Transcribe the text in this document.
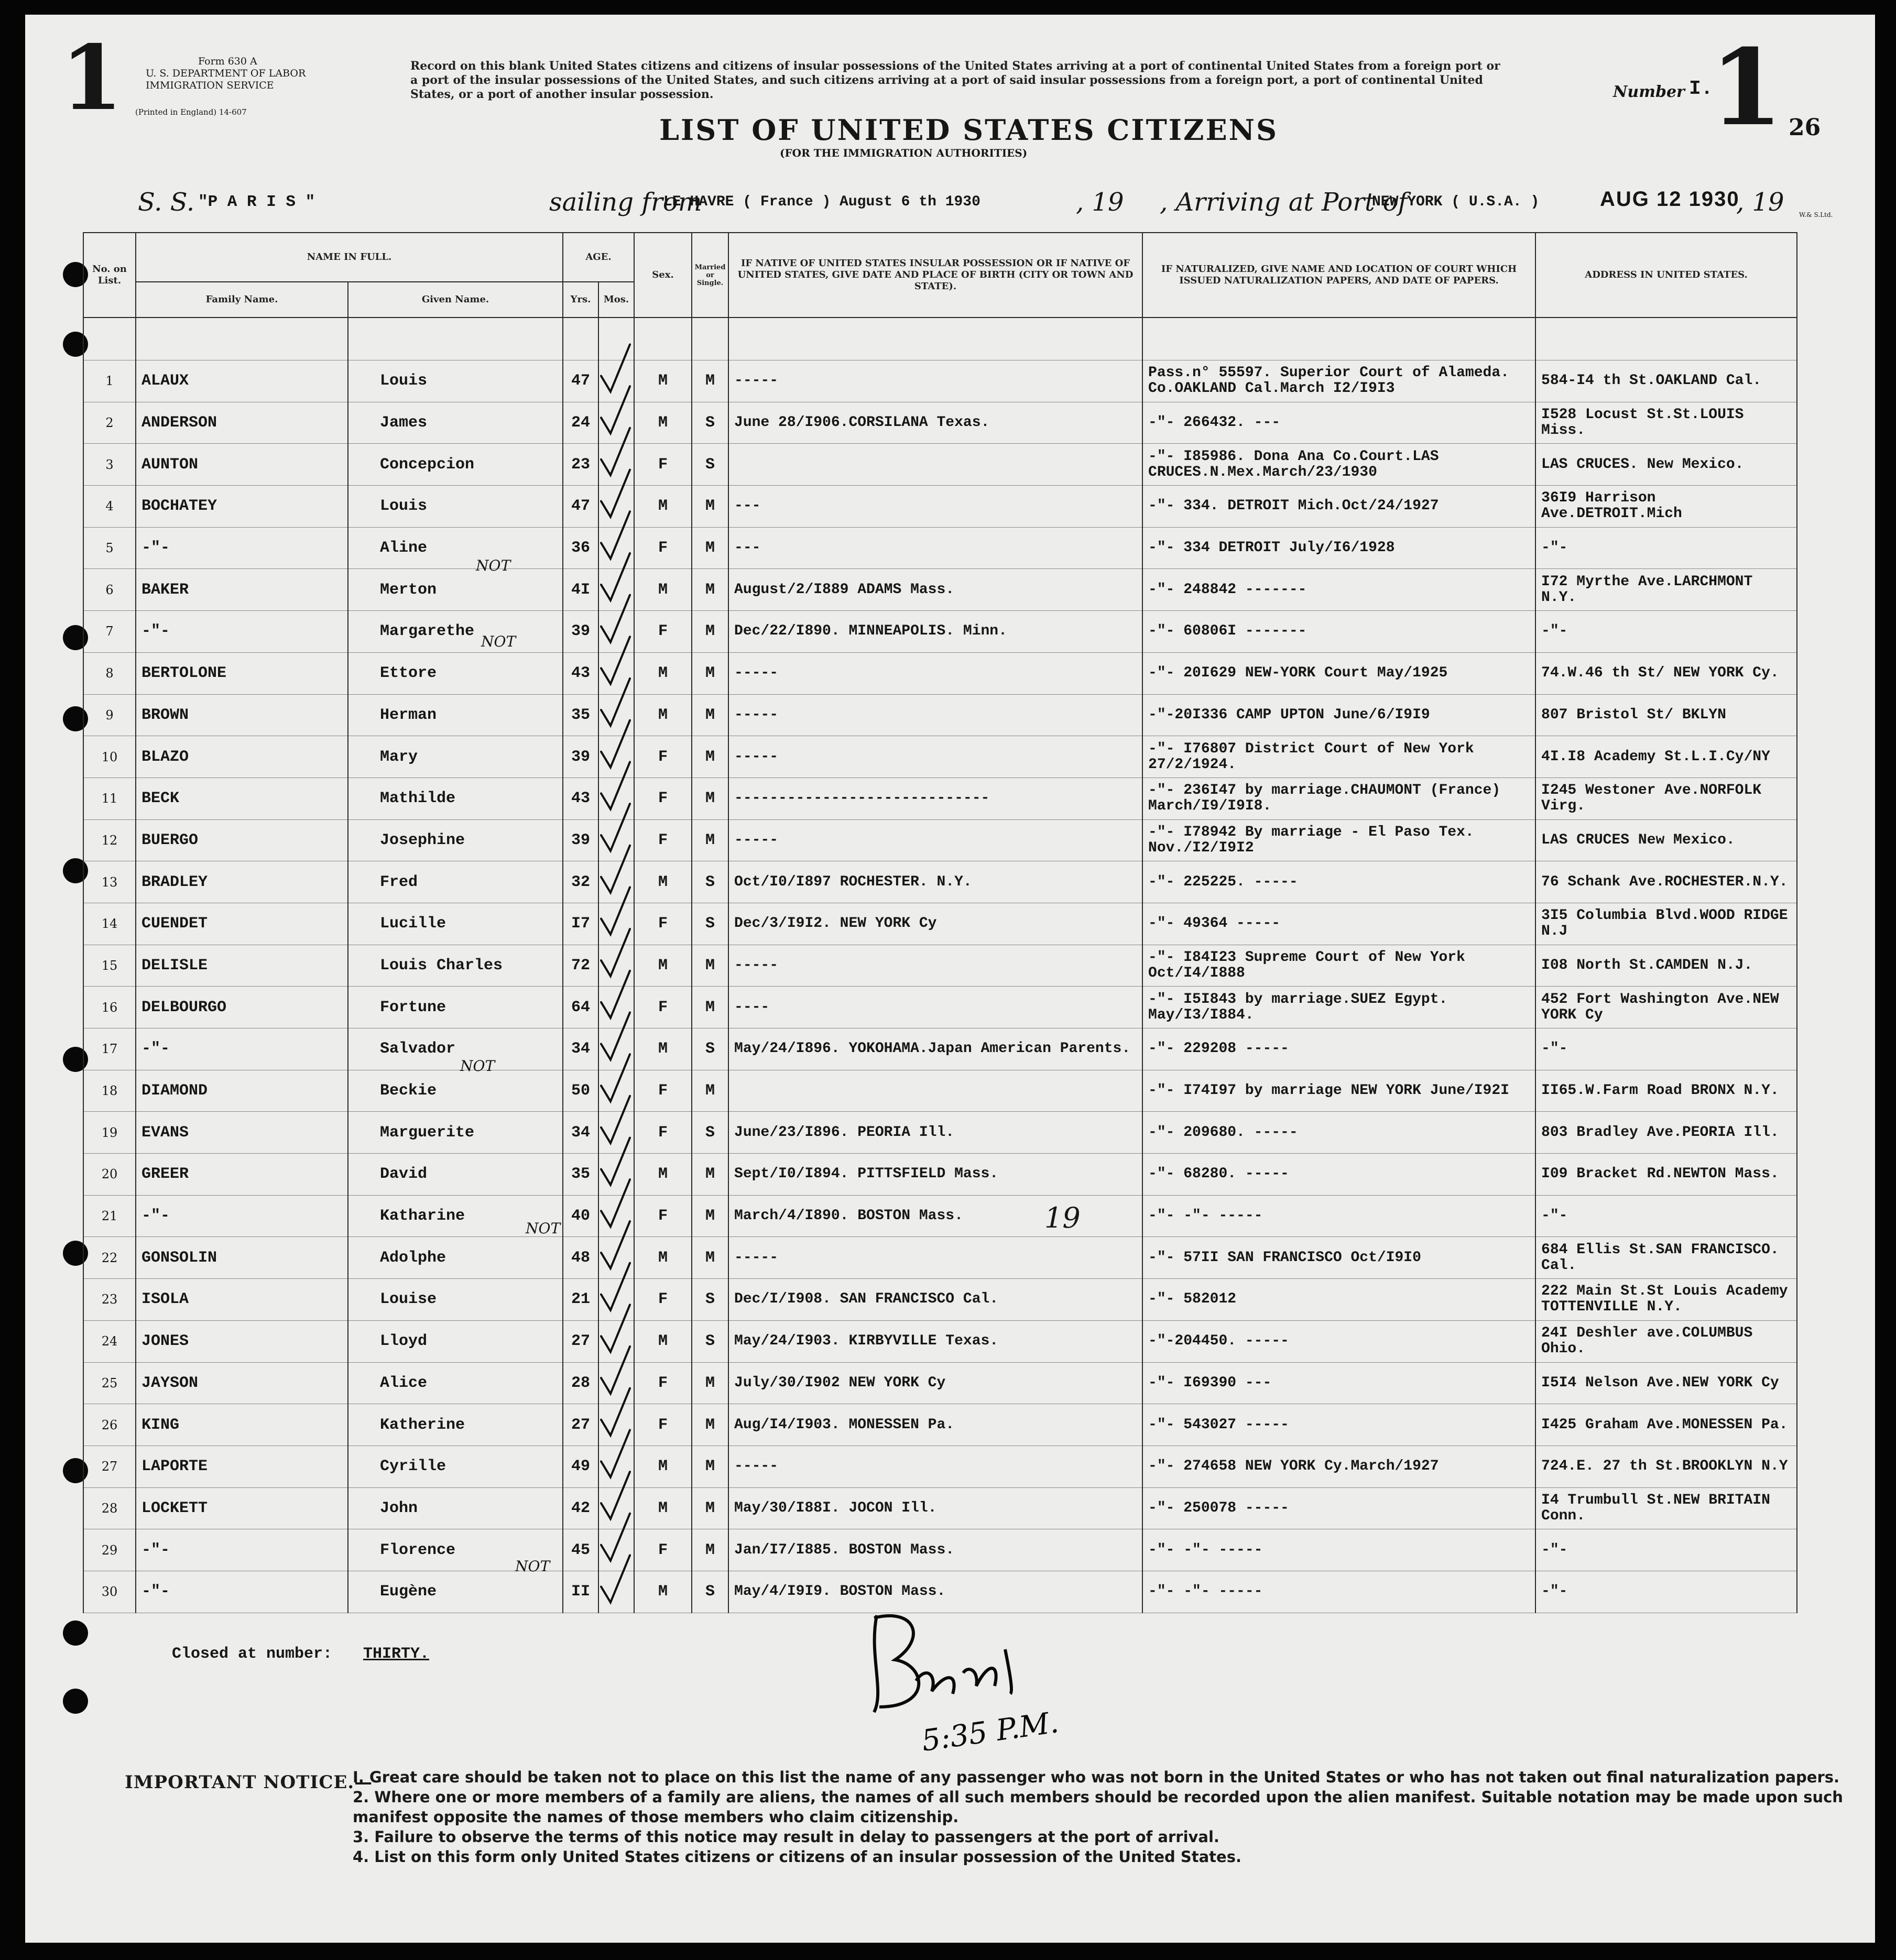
Form 630 A
U. S. DEPARTMENT OF LABOR
IMMIGRATION SERVICE
(Printed in England) 14-607
1	Record on this blank United States citizens and citizens of insular possessions of the United States arriving at a port of continental United States from a foreign port or a port of the insular possessions of the United States, and such citizens arriving at a port of said insular possessions from a foreign port, a port of continental United States, or a port of another insular possession.
LIST OF UNITED STATES CITIZENS
(FOR THE IMMIGRATION AUTHORITIES)
Number I.
1 26
S. S. "P A R I S "	sailing from
LE HAVRE ( France ) August 6 th 1930	, 19 , Arriving at Port of
NEW YORK ( U.S.A. )	AUG 12 1930
, 19 W.& S.Ltd.
No. on List.	NAME IN FULL.		AGE.		Sex.	Married or Single.	IF NATIVE OF UNITED STATES INSULAR POSSESSION OR IF NATIVE OF UNITED STATES, GIVE DATE AND PLACE OF BIRTH (CITY OR TOWN AND STATE).	IF NATURALIZED, GIVE NAME AND LOCATION OF COURT WHICH ISSUED NATURALIZATION PAPERS, AND DATE OF PAPERS.	ADDRESS IN UNITED STATES.
	Family Name.	Given Name.	Yrs.	Mos.					

1	ALAUX	Louis	47		M	M	-----	Pass.n° 55597. Superior Court of Alameda. Co.OAKLAND Cal.March I2/I9I3	584-I4 th St.OAKLAND Cal.
2	ANDERSON	James	24		M	S	June 28/I906.CORSILANA Texas.	-"- 266432. ---	I528 Locust St.St.LOUIS Miss.
3	AUNTON	Concepcion	23		F	S		-"- I85986. Dona Ana Co.Court.LAS CRUCES.N.Mex.March/23/1930	LAS CRUCES. New Mexico.
4	BOCHATEY	Louis	47		M	M	---	-"- 334. DETROIT Mich.Oct/24/1927	36I9 Harrison Ave.DETROIT.Mich
5	-"-	Aline	36		F	M	---	-"- 334 DETROIT July/I6/1928	-"-
6	BAKER	Merton	4I		M	M	August/2/I889 ADAMS Mass.	-"- 248842 -------	I72 Myrthe Ave.LARCHMONT N.Y.
7	-"-	Margarethe	39		F	M	Dec/22/I890. MINNEAPOLIS. Minn.	-"- 60806I -------	-"-
8	BERTOLONE	Ettore	43		M	M	-----	-"- 20I629 NEW-YORK Court May/1925	74.W.46 th St/ NEW YORK Cy.
9	BROWN	Herman	35		M	M	-----	-"-20I336 CAMP UPTON June/6/I9I9	807 Bristol St/ BKLYN
10	BLAZO	Mary	39		F	M	-----	-"- I76807 District Court of New York 27/2/1924.	4I.I8 Academy St.L.I.Cy/NY
11	BECK	Mathilde	43		F	M	-----------------------------	-"- 236I47 by marriage.CHAUMONT (France) March/I9/I9I8.	I245 Westoner Ave.NORFOLK Virg.
12	BUERGO	Josephine	39		F	M	-----	-"- I78942 By marriage - El Paso Tex. Nov./I2/I9I2	LAS CRUCES New Mexico.
13	BRADLEY	Fred	32		M	S	Oct/I0/I897 ROCHESTER. N.Y.	-"- 225225. -----	76 Schank Ave.ROCHESTER.N.Y.
14	CUENDET	Lucille	I7		F	S	Dec/3/I9I2. NEW YORK Cy	-"- 49364 -----	3I5 Columbia Blvd.WOOD RIDGE N.J
15	DELISLE	Louis Charles	72		M	M	-----	-"- I84I23 Supreme Court of New York Oct/I4/I888	I08 North St.CAMDEN N.J.
16	DELBOURGO	Fortune	64		F	M	----	-"- I5I843 by marriage.SUEZ Egypt. May/I3/I884.	452 Fort Washington Ave.NEW YORK Cy
17	-"-	Salvador	34		M	S	May/24/I896. YOKOHAMA.Japan American Parents.	-"- 229208 -----	-"-
18	DIAMOND	Beckie	50		F	M		-"- I74I97 by marriage NEW YORK June/I92I	II65.W.Farm Road BRONX N.Y.
19	EVANS	Marguerite	34		F	S	June/23/I896. PEORIA Ill.	-"- 209680. -----	803 Bradley Ave.PEORIA Ill.
20	GREER	David	35		M	M	Sept/I0/I894. PITTSFIELD Mass.	-"- 68280. -----	I09 Bracket Rd.NEWTON Mass.
21	-"-	Katharine	40		F	M	March/4/I890. BOSTON Mass.	-"- -"- -----	-"-
22	GONSOLIN	Adolphe	48		M	M	-----	-"- 57II SAN FRANCISCO Oct/I9I0	684 Ellis St.SAN FRANCISCO. Cal.
23	ISOLA	Louise	21		F	S	Dec/I/I908. SAN FRANCISCO Cal.	-"- 582012	222 Main St.St Louis Academy TOTTENVILLE N.Y.
24	JONES	Lloyd	27		M	S	May/24/I903. KIRBYVILLE Texas.	-"-204450. -----	24I Deshler ave.COLUMBUS Ohio.
25	JAYSON	Alice	28		F	M	July/30/I902 NEW YORK Cy	-"- I69390 ---	I5I4 Nelson Ave.NEW YORK Cy
26	KING	Katherine	27		F	M	Aug/I4/I903. MONESSEN Pa.	-"- 543027 -----	I425 Graham Ave.MONESSEN Pa.
27	LAPORTE	Cyrille	49		M	M	-----	-"- 274658 NEW YORK Cy.March/1927	724.E. 27 th St.BROOKLYN N.Y
28	LOCKETT	John	42		M	M	May/30/I88I. JOCON Ill.	-"- 250078 -----	I4 Trumbull St.NEW BRITAIN Conn.
29	-"-	Florence	45		F	M	Jan/I7/I885. BOSTON Mass.	-"- -"- -----	-"-
30	-"-	Eugène	II		M	S	May/4/I9I9. BOSTON Mass.	-"- -"- -----	-"-
Closed at number: THIRTY.
5:35 P.M.
NOT
NOT
NOT
NOT
NOT
19
IMPORTANT NOTICE.—
I. Great care should be taken not to place on this list the name of any passenger who was not born in the United States or who has not taken out final naturalization papers.
2. Where one or more members of a family are aliens, the names of all such members should be recorded upon the alien manifest. Suitable notation may be made upon such manifest opposite the names of those members who claim citizenship.
3. Failure to observe the terms of this notice may result in delay to passengers at the port of arrival.
4. List on this form only United States citizens or citizens of an insular possession of the United States.
